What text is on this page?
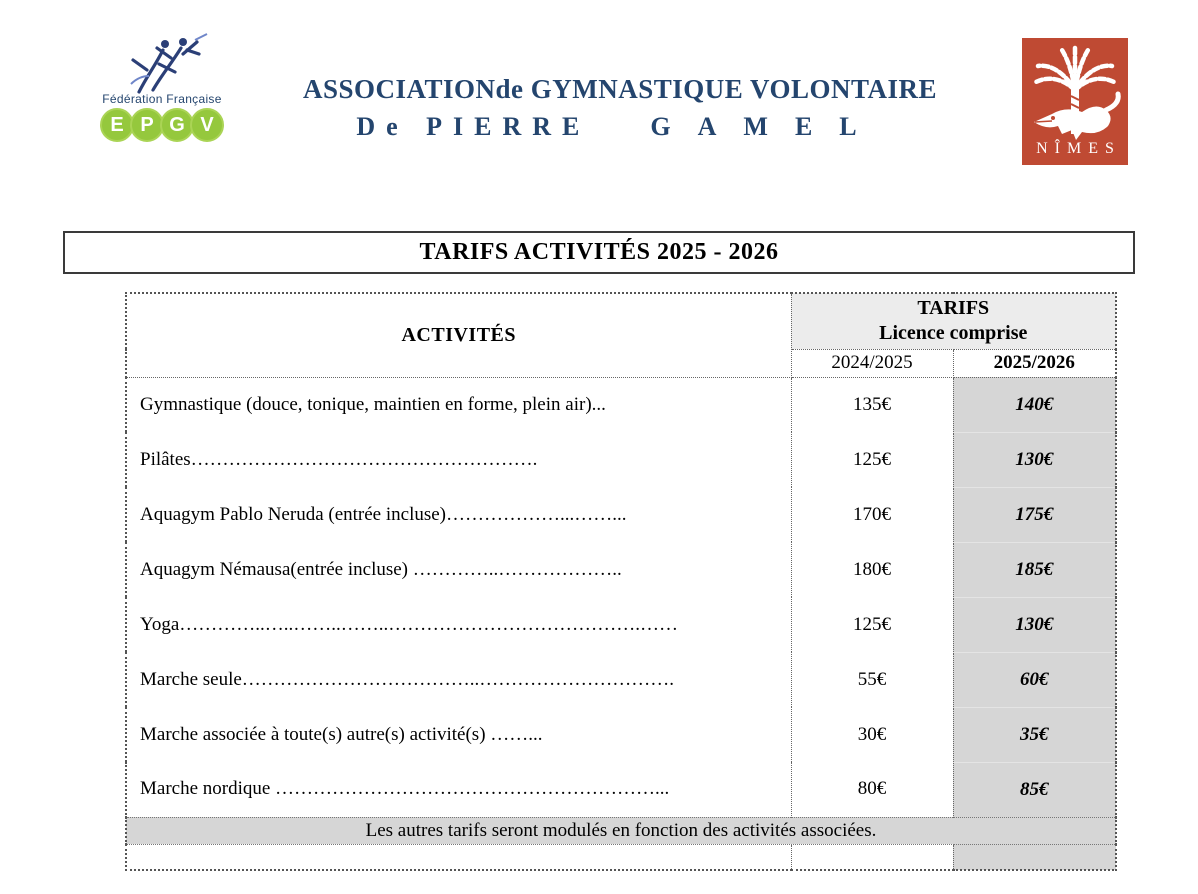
Fédération Française
E P G V
ASSOCIATIONde GYMNASTIQUE VOLONTAIRE
De PIERRE GAMEL
NÎMES
TARIFS ACTIVITÉS 2025 - 2026
ACTIVITÉS	TARIFS
Licence comprise	

	2024/2025	2025/2026
Gymnastique (douce, tonique, maintien en forme, plein air)...	135€	140€
Pilâtes……………………………………………….	125€	130€
Aquagym Pablo Neruda (entrée incluse)………………...……...	170€	175€
Aquagym Némausa(entrée incluse) …………..………………..	180€	185€
Yoga…………..…..……..……..………………………………….……	125€	130€
Marche seule………………………………..………………………….	55€	60€
Marche associée à toute(s) autre(s) activité(s) ……...	30€	35€
Marche nordique ……………………………………………………...	80€	85€
Les autres tarifs seront modulés en fonction des activités associées.		
